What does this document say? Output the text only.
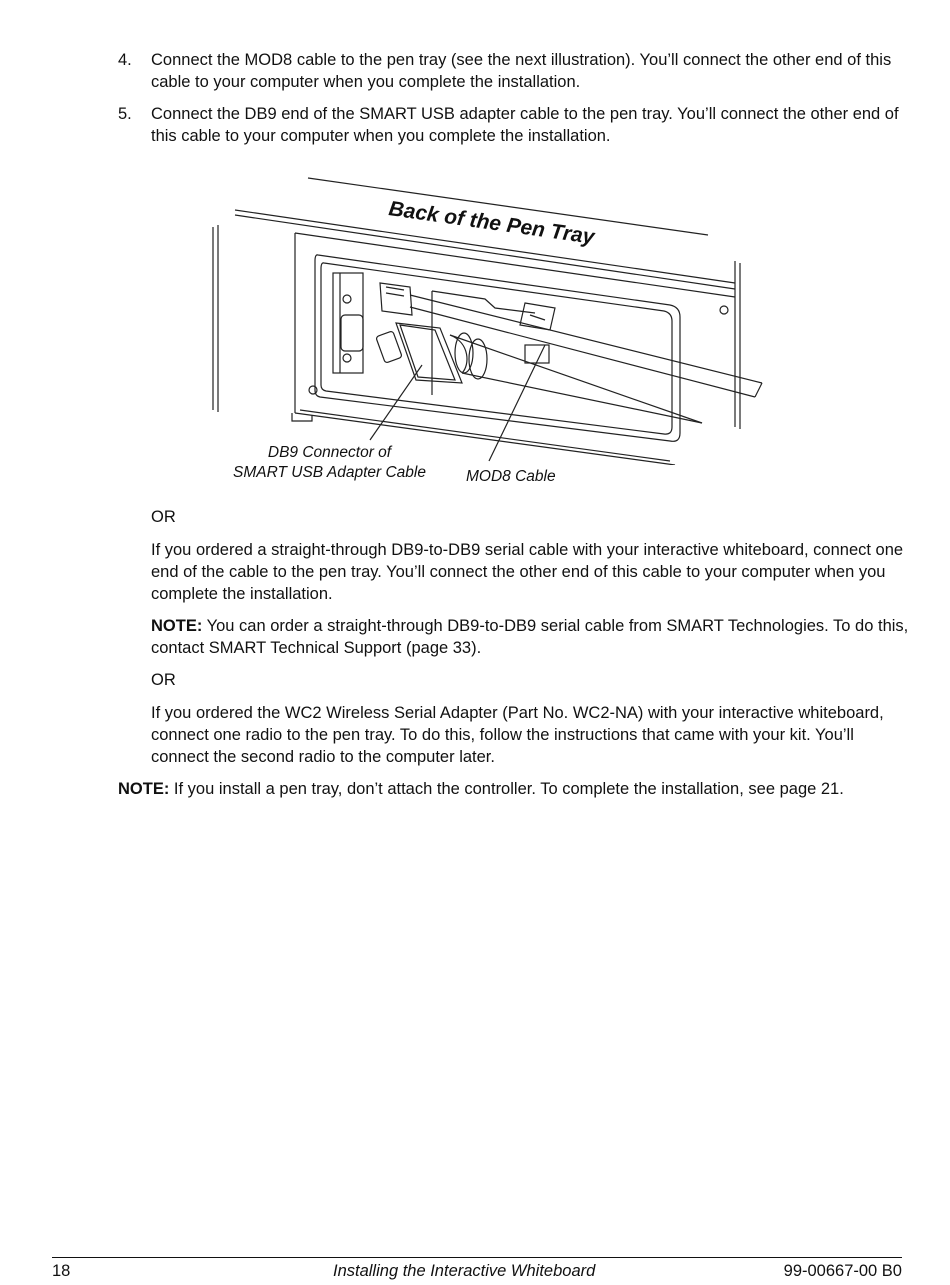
4. Connect the MOD8 cable to the pen tray (see the next illustration). You’ll connect the other end of this cable to your computer when you complete the installation.
5. Connect the DB9 end of the SMART USB adapter cable to the pen tray. You’ll connect the other end of this cable to your computer when you complete the installation.
Back of the Pen Tray
DB9 Connector of
SMART USB Adapter Cable	MOD8 Cable
OR
If you ordered a straight-through DB9-to-DB9 serial cable with your interactive whiteboard, connect one end of the cable to the pen tray. You’ll connect the other end of this cable to your computer when you complete the installation.
NOTE: You can order a straight-through DB9-to-DB9 serial cable from SMART Technologies. To do this, contact SMART Technical Support (page 33).
OR
If you ordered the WC2 Wireless Serial Adapter (Part No. WC2-NA) with your interactive whiteboard, connect one radio to the pen tray. To do this, follow the instructions that came with your kit. You’ll connect the second radio to the computer later.
NOTE: If you install a pen tray, don’t attach the controller. To complete the installation, see page 21.
18	Installing the Interactive Whiteboard	99-00667-00 B0
